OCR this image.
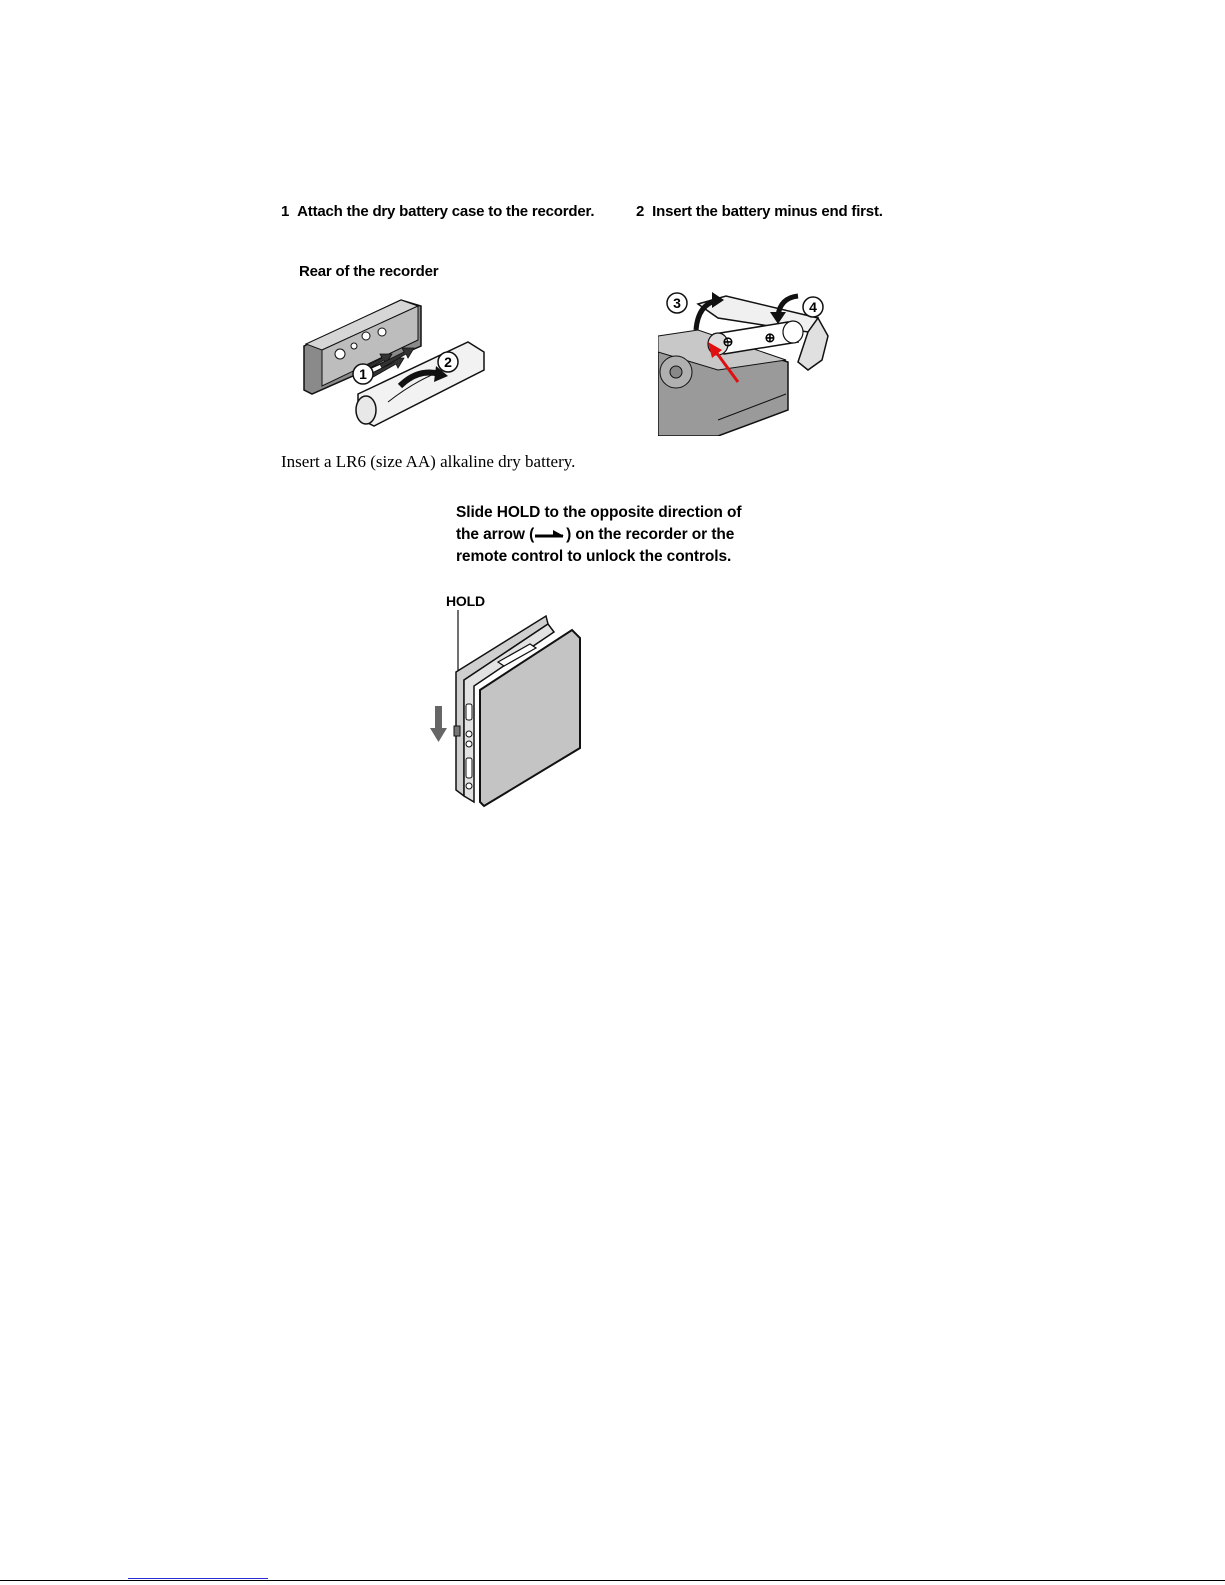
1 Attach the dry battery case to the recorder.	2 Insert the battery minus end first.
Rear of the recorder
1
2
⊖ ⊕
3	4
Insert a LR6 (size AA) alkaline dry battery.
Slide HOLD to the opposite direction of
the arrow ( ) on the recorder or the
remote control to unlock the controls.
HOLD
